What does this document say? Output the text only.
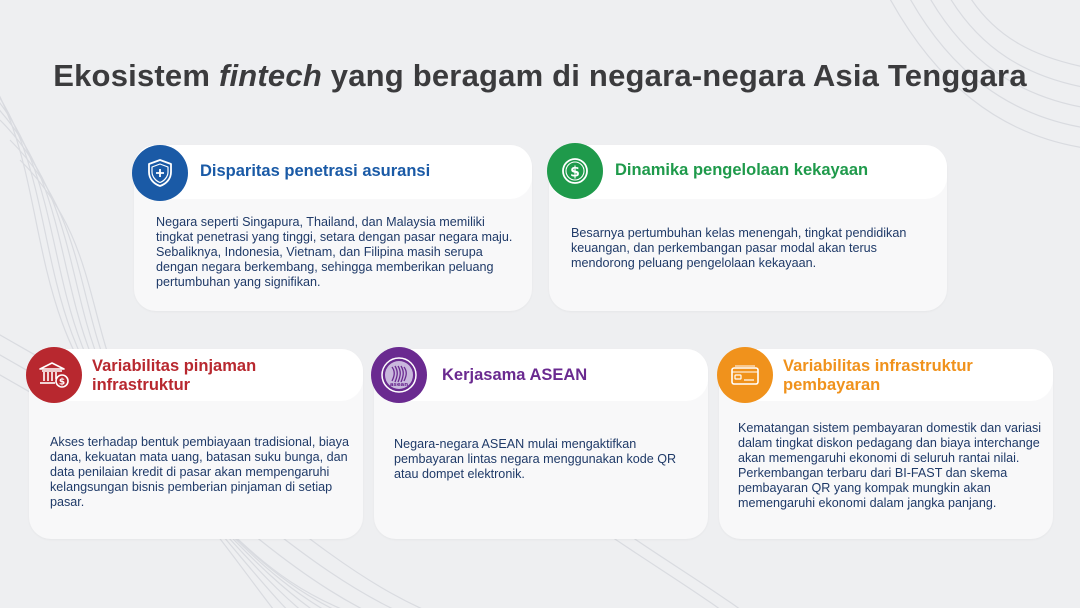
Ekosistem fintech yang beragam di negara-negara Asia Tenggara
Disparitas penetrasi asuransi
Negara seperti Singapura, Thailand, dan Malaysia memiliki tingkat penetrasi yang tinggi, setara dengan pasar negara maju. Sebaliknya, Indonesia, Vietnam, dan Filipina masih serupa dengan negara berkembang, sehingga memberikan peluang pertumbuhan yang signifikan.
Dinamika pengelolaan kekayaan
Besarnya pertumbuhan kelas menengah, tingkat pendidikan keuangan, dan perkembangan pasar modal akan terus mendorong peluang pengelolaan kekayaan.
$
Variabilitas pinjaman infrastruktur
Akses terhadap bentuk pembiayaan tradisional, biaya dana, kekuatan mata uang, batasan suku bunga, dan data penilaian kredit di pasar akan mempengaruhi kelangsungan bisnis pemberian pinjaman di setiap pasar.
$	Kerjasama ASEAN
Negara-negara ASEAN mulai mengaktifkan pembayaran lintas negara menggunakan kode QR atau dompet elektronik.
asean
Variabilitas infrastruktur pembayaran
Kematangan sistem pembayaran domestik dan variasi dalam tingkat diskon pedagang dan biaya interchange akan memengaruhi ekonomi di seluruh rantai nilai. Perkembangan terbaru dari BI-FAST dan skema pembayaran QR yang kompak mungkin akan memengaruhi ekonomi dalam jangka panjang.
